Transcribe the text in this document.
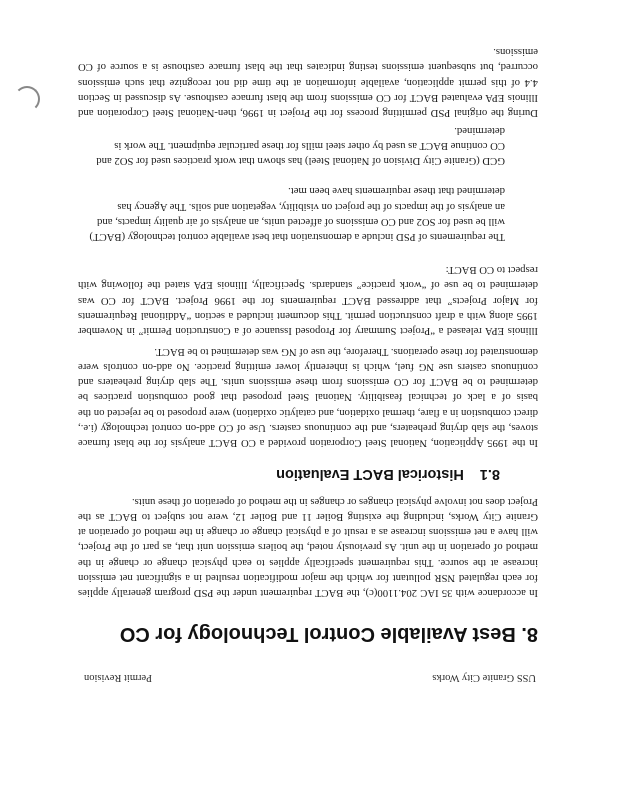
USS Granite City Works
Permit Revision
8. Best Available Control Technology for CO

In accordance with 35 IAC 204.1100(c), the BACT requirement under the PSD program generally applies for each regulated NSR pollutant for which the major modification resulted in a significant net emission increase at the source. This requirement specifically applies to each physical change or change in the method of operation in the unit. As previously noted, the boilers emission unit that, as part of the Project, will have a net emissions increase as a result of a physical change or change in the method of operation at Granite City Works, including the existing Boiler 11 and Boiler 12, were not subject to BACT as the Project does not involve physical changes or changes in the method of operation of these units.

8.1Historical BACT Evaluation

In the 1995 Application, National Steel Corporation provided a CO BACT analysis for the blast furnace stoves, the slab drying preheaters, and the continuous casters. Use of CO add-on control technology (i.e., direct combustion in a flare, thermal oxidation, and catalytic oxidation) were proposed to be rejected on the basis of a lack of technical feasibility. National Steel proposed that good combustion practices be determined to be BACT for CO emissions from these emissions units. The slab drying preheaters and continuous casters use NG fuel, which is inherently lower emitting practice. No add-on controls were demonstrated for these operations. Therefore, the use of NG was determined to be BACT.

Illinois EPA released a “Project Summary for Proposed Issuance of a Construction Permit” in November 1995 along with a draft construction permit. This document included a section “Additional Requirements for Major Projects” that addressed BACT requirements for the 1996 Project. BACT for CO was determined to be use of “work practice” standards. Specifically, Illinois EPA stated the following with respect to CO BACT:

The requirements of PSD include a demonstration that best available control technology (BACT) will be used for SO2 and CO emissions of affected units, an analysis of air quality impacts, and an analysis of the impacts of the project on visibility, vegetation and soils. The Agency has determined that these requirements have been met.

GCD (Granite City Division of National Steel) has shown that work practices used for SO2 and CO continue BACT as used by other steel mills for these particular equipment. The work is determined.

During the original PSD permitting process for the Project in 1996, then-National Steel Corporation and Illinois EPA evaluated BACT for CO emissions from the blast furnace casthouse. As discussed in Section 4.4 of this permit application, available information at the time did not recognize that such emissions occurred, but subsequent emissions testing indicates that the blast furnace casthouse is a source of CO emissions.
